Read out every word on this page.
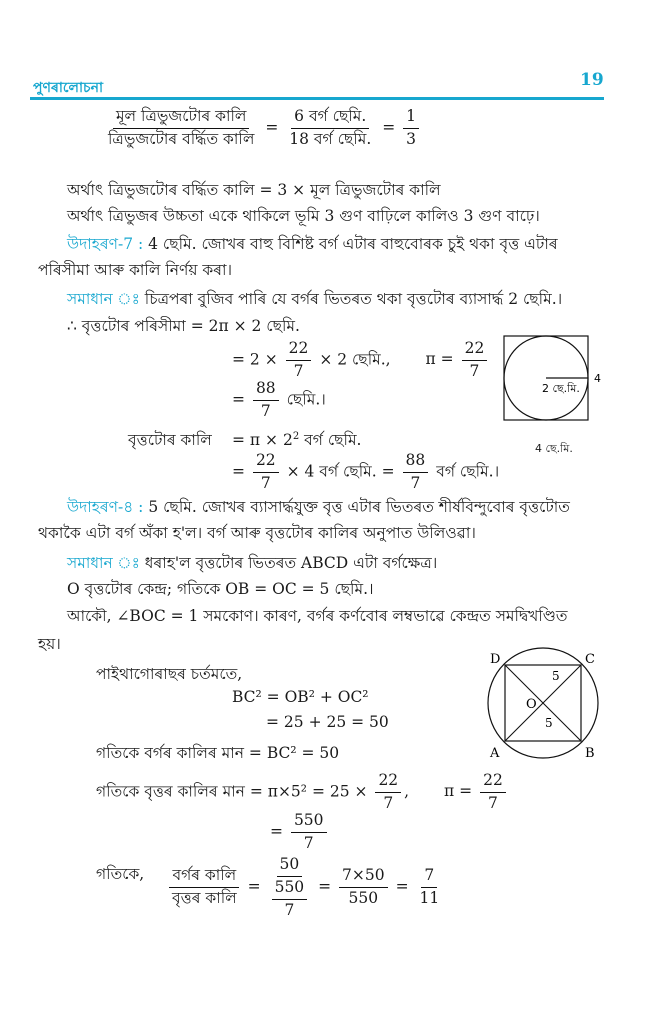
পুণৰালোচনা	19
$\frac{\text{মূল ত্রিভুজটোৰ কালি}}{\text{ত্রিভুজটোৰ বৰ্দ্ধিত কালি}} = \frac{\text{6 বৰ্গ ছেমি.}}{\text{18 বৰ্গ ছেমি.}} = \frac{1}{3}$
অৰ্থাৎ ত্রিভুজটোৰ বৰ্দ্ধিত কালি = 3 × মূল ত্রিভুজটোৰ কালি
অৰ্থাৎ ত্রিভুজৰ উচ্চতা একে থাকিলে ভূমি 3 গুণ বাঢ়িলে কালিও 3 গুণ বাঢ়ে।
উদাহৰণ-7 : 4 ছেমি. জোখৰ বাহু বিশিষ্ট বৰ্গ এটাৰ বাহুবোৰক চুই থকা বৃত্ত এটাৰ
পৰিসীমা আৰু কালি নিৰ্ণয় কৰা।
সমাধান ঃ চিত্ৰপৰা বুজিব পাৰি যে বৰ্গৰ ভিতৰত থকা বৃত্তটোৰ ব্যাসাৰ্দ্ধ 2 ছেমি.।
∴ বৃত্তটোৰ পৰিসীমা = 2π × 2 ছেমি.
= $2 \times \frac{22}{7} \times 2$ ছেমি., $\pi = \frac{22}{7}$
= $\frac{88}{7}$ ছেমি.।
বৃত্তটোৰ কালি = $\pi \times 2^2$ বৰ্গ ছেমি.
= $\frac{22}{7} \times 4$ বৰ্গ ছেমি. = $\frac{88}{7}$ বৰ্গ ছেমি.।
2 ছে.মি.
4
4 ছে.মি.
উদাহৰণ-৪ : 5 ছেমি. জোখৰ ব্যাসাৰ্দ্ধযুক্ত বৃত্ত এটাৰ ভিতৰত শীৰ্ষবিন্দুবোৰ বৃত্তটোত
থকাকৈ এটা বৰ্গ অঁকা হ'ল। বৰ্গ আৰু বৃত্তটোৰ কালিৰ অনুপাত উলিওৱা।
সমাধান ঃ ধৰাহ'ল বৃত্তটোৰ ভিতৰত ABCD এটা বৰ্গক্ষেত্ৰ।
O বৃত্তটোৰ কেন্দ্ৰ; গতিকে OB = OC = 5 ছেমি.।
আকৌ, ∠BOC = 1 সমকোণ। কাৰণ, বৰ্গৰ কৰ্ণবোৰ লম্বভাৱে কেন্দ্ৰত সমদ্বিখণ্ডিত
হয়।
পাইথাগোৰাছৰ চৰ্তমতে,
BC² = OB² + OC²
= 25 + 25 = 50
গতিকে বৰ্গৰ কালিৰ মান = BC² = 50
গতিকে বৃত্তৰ কালিৰ মান = $\pi\times 5^2 = 25 \times \frac{22}{7}$ , $\pi = \frac{22}{7}$
= $\frac{550}{7}$
গতিকে, $\frac{\text{বৰ্গৰ কালি}}{\text{বৃত্তৰ কালি}} = \frac{50}{\frac{550}{7}} = \frac{7\times 50}{550} = \frac{7}{11}$
D	C
A	B
O
5
5
